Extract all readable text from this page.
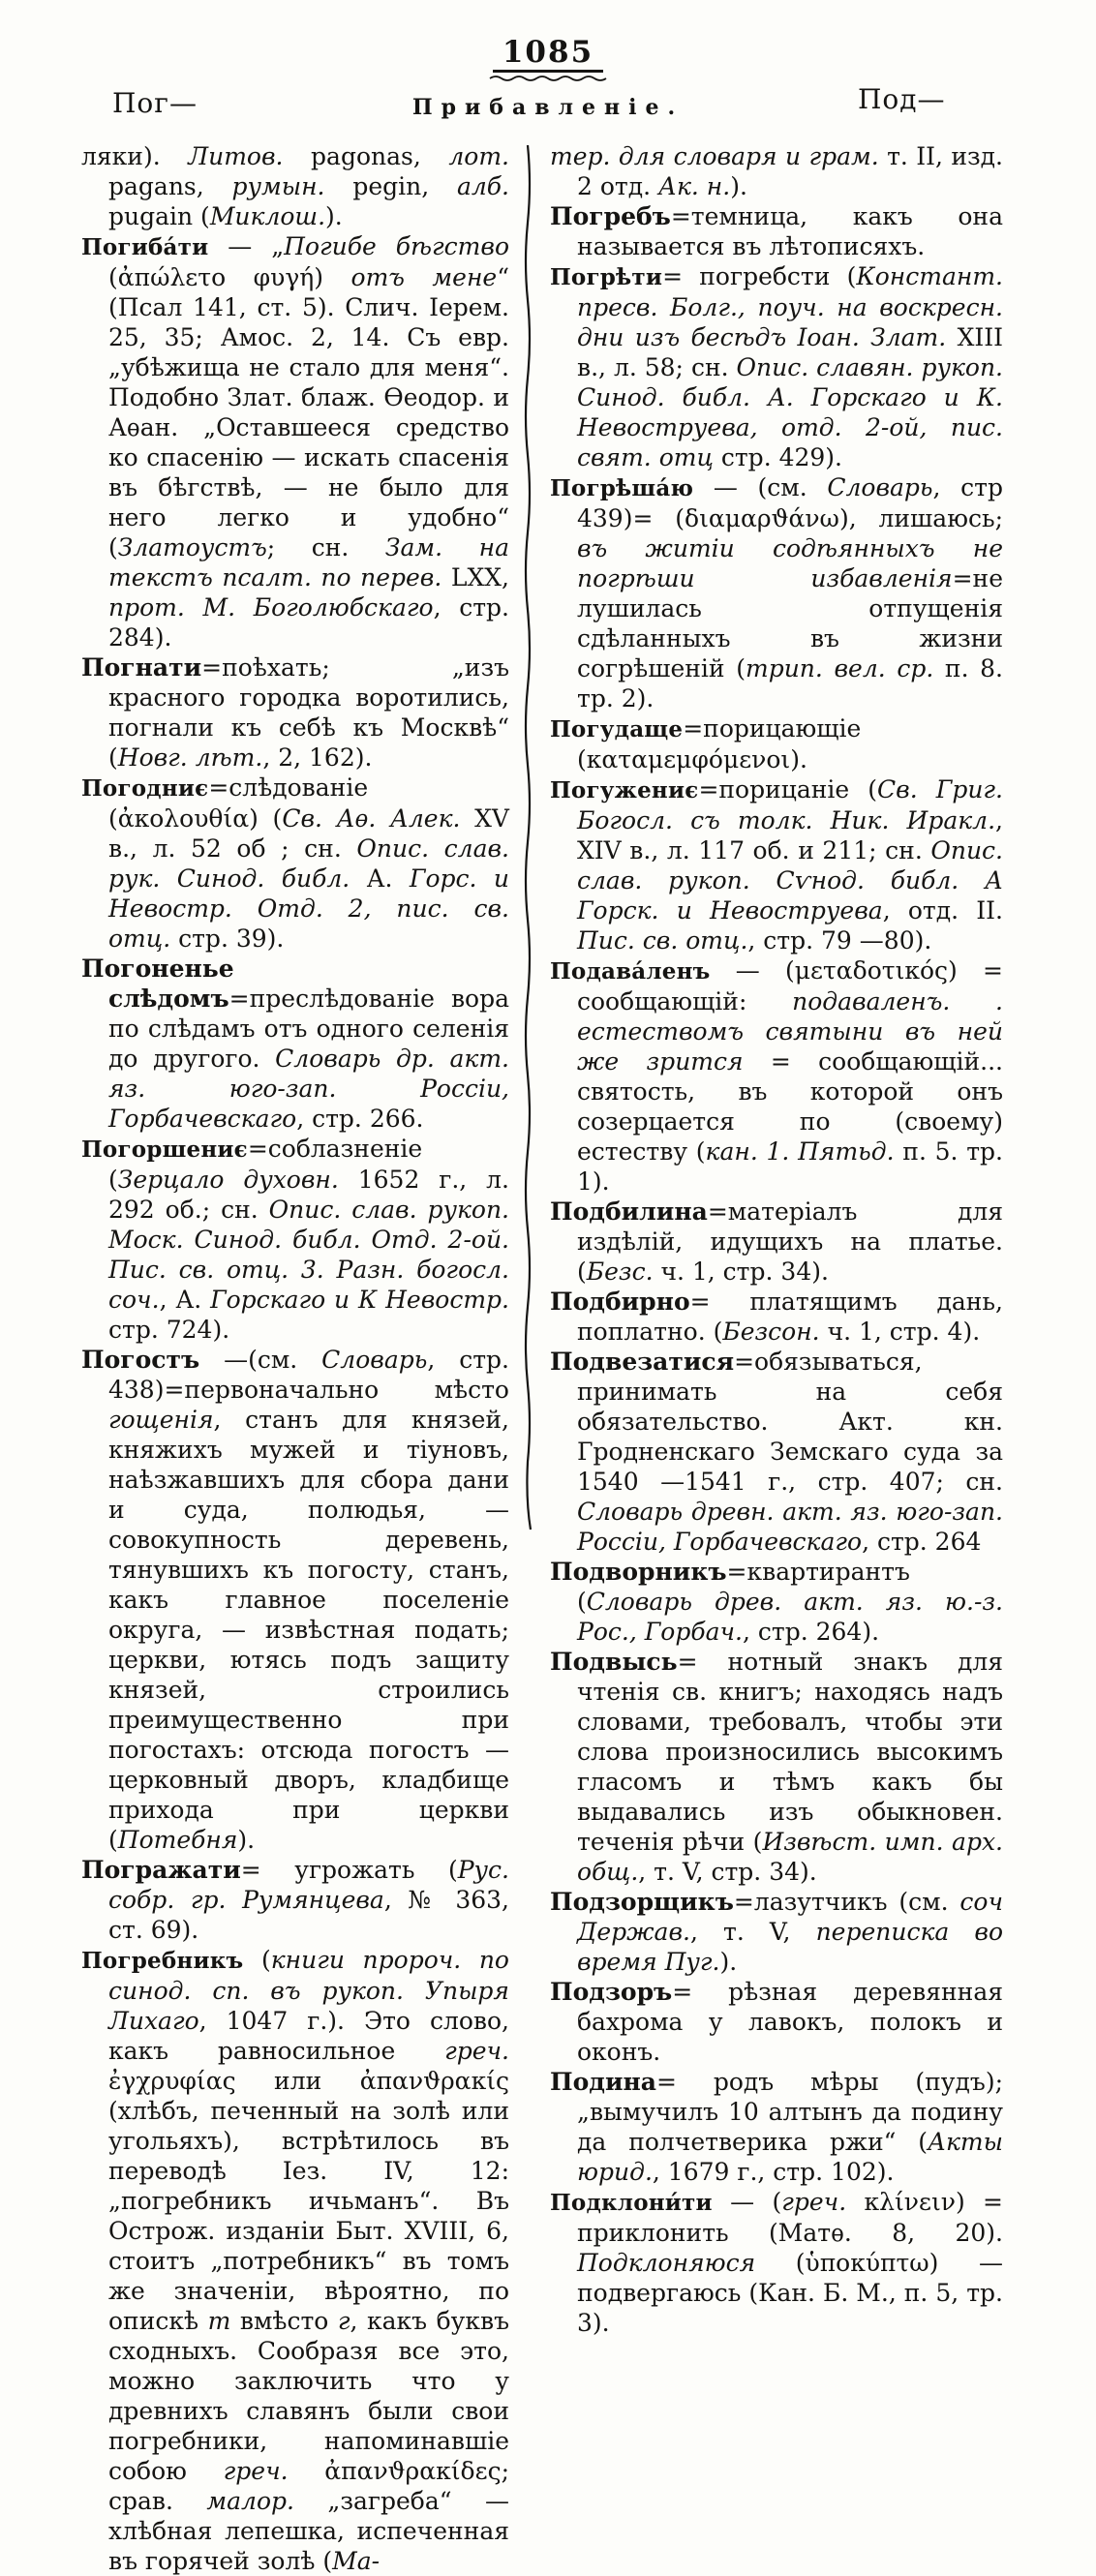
1085
Пог—	Прибавленіе.	Под—

ляки). Литов. pagonas, лот. pagans, румын. pegin, алб. pugain (Миклош.).

Погиба́ти — „Погибе бѣгство (ἀπώλετο φυγή) отъ мене“ (Псал 141, ст. 5). Слич. Іерем. 25, 35; Амос. 2, 14. Съ евр. „убѣжища не стало для меня“. Подобно Злат. блаж. Ѳеодор. и Аѳан. „Оставшееся средство ко спасенію — искать спасенія въ бѣгствѣ, — не было для него легко и удобно“ (Златоустъ; сн. Зам. на текстъ псалт. по перев. LXX, прот. М. Боголюбскаго, стр. 284).

Погнати=поѣхать; „изъ красного городка воротились, погнали къ себѣ къ Москвѣ“ (Новг. лѣт., 2, 162).

Погодниє=слѣдованіе (ἀκολουθία) (Св. Аѳ. Алек. XV в., л. 52 об ; сн. Опис. слав. рук. Синод. библ. А. Горс. и Невостр. Отд. 2, пис. св. отц. стр. 39).

Погоненье слѣдомъ=преслѣдованіе вора по слѣдамъ отъ одного селенія до другого. Словарь др. акт. яз. юго-зап. Россіи, Горбачевскаго, стр. 266.

Погоршениє=соблазненіе (Зерцало духовн. 1652 г., л. 292 об.; сн. Опис. слав. рукоп. Моск. Синод. библ. Отд. 2-ой. Пис. св. отц. 3. Разн. богосл. соч., А. Горскаго и К Невостр. стр. 724).

Погостъ —(см. Словарь, стр. 438)=первоначально мѣсто гощенія, станъ для князей, княжихъ мужей и тіуновъ, наѣзжавшихъ для сбора дани и суда, полюдья, — совокупность деревень, тянувшихъ къ погосту, станъ, какъ главное поселеніе округа, — извѣстная подать; церкви, ютясь подъ защиту князей, строились преимущественно при погостахъ: отсюда погостъ — церковный дворъ, кладбище прихода при церкви (Потебня).

Погражати= угрожать (Рус. собр. гр. Румянцева, № 363, ст. 69).

Погребникъ (книги пророч. по синод. сп. въ рукоп. Упыря Лихаго, 1047 г.). Это слово, какъ равносильное греч. ἐγχρυφίας или ἀπανϑρακίς (хлѣбъ, печенный на золѣ или угольяхъ), встрѣтилось въ переводѣ Іез. IV, 12: „погребникъ ичьманъ“. Въ Острож. изданіи Быт. XVIII, 6, стоитъ „потребникъ“ въ томъ же значеніи, вѣроятно, по опискѣ т вмѣсто г, какъ буквъ сходныхъ. Сообразя все это, можно заключить что у древнихъ славянъ были свои погребники, напоминавшіе собою греч. ἀπανϑρακίδες; срав. малор. „загреба“ — хлѣбная лепешка, испеченная въ горячей золѣ (Ма-

тер. для словаря и грам. т. II, изд. 2 отд. Ак. н.).

Погребъ=темница, какъ она называется въ лѣтописяхъ.

Погрѣти= погребсти (Констант. пресв. Болг., поуч. на воскресн. дни изъ бесѣдъ Іоан. Злат. XIII в., л. 58; сн. Опис. славян. рукоп. Синод. библ. А. Горскаго и К. Невоструева, отд. 2-ой, пис. свят. отц стр. 429).

Погрѣша́ю — (см. Словарь, стр 439)= (διαμαρϑάνω), лишаюсь; въ житіи содѣянныхъ не погрѣши избавленія=не лушилась отпущенія сдѣланныхъ въ жизни согрѣшеній (трип. вел. ср. п. 8. тр. 2).

Погудаще=порицающіе (καταμεμφόμενοι).

Погужениє=порицаніе (Св. Григ. Богосл. съ толк. Ник. Иракл., XIV в., л. 117 об. и 211; сн. Опис. слав. рукоп. Сѵнод. библ. А Горск. и Невоструева, отд. II. Пис. св. отц., стр. 79 —80).

Подава́ленъ — (μεταδοτικός) = сообщающій: подаваленъ. . естествомъ святыни въ ней же зрится = сообщающій... святость, въ которой онъ созерцается по (своему) естеству (кан. 1. Пятьд. п. 5. тр. 1).

Подбилина=матеріалъ для издѣлій, идущихъ на платье. (Безс. ч. 1, стр. 34).

Подбирно= платящимъ дань, поплатно. (Безсон. ч. 1, стр. 4).

Подвезатися=обязываться, принимать на себя обязательство. Акт. кн. Гродненскаго Земскаго суда за 1540 —1541 г., стр. 407; сн. Словарь древн. акт. яз. юго-зап. Россіи, Горбачевскаго, стр. 264

Подворникъ=квартирантъ (Словарь древ. акт. яз. ю.-з. Рос., Горбач., стр. 264).

Подвысь= нотный знакъ для чтенія св. книгъ; находясь надъ словами, требовалъ, чтобы эти слова произносились высокимъ гласомъ и тѣмъ какъ бы выдавались изъ обыкновен. теченія рѣчи (Извѣст. имп. арх. общ., т. V, стр. 34).

Подзорщикъ=лазутчикъ (см. соч Держав., т. V, переписка во время Пуг.).

Подзоръ= рѣзная деревянная бахрома у лавокъ, полокъ и оконъ.

Подина= родъ мѣры (пудъ); „вымучилъ 10 алтынъ да подину да полчетверика ржи“ (Акты юрид., 1679 г., стр. 102).

Подклони́ти — (греч. κλίνειν) = приклонить (Матѳ. 8, 20). Подклоняюся (ὑποκύπτω) — подвергаюсь (Кан. Б. М., п. 5, тр. 3).
